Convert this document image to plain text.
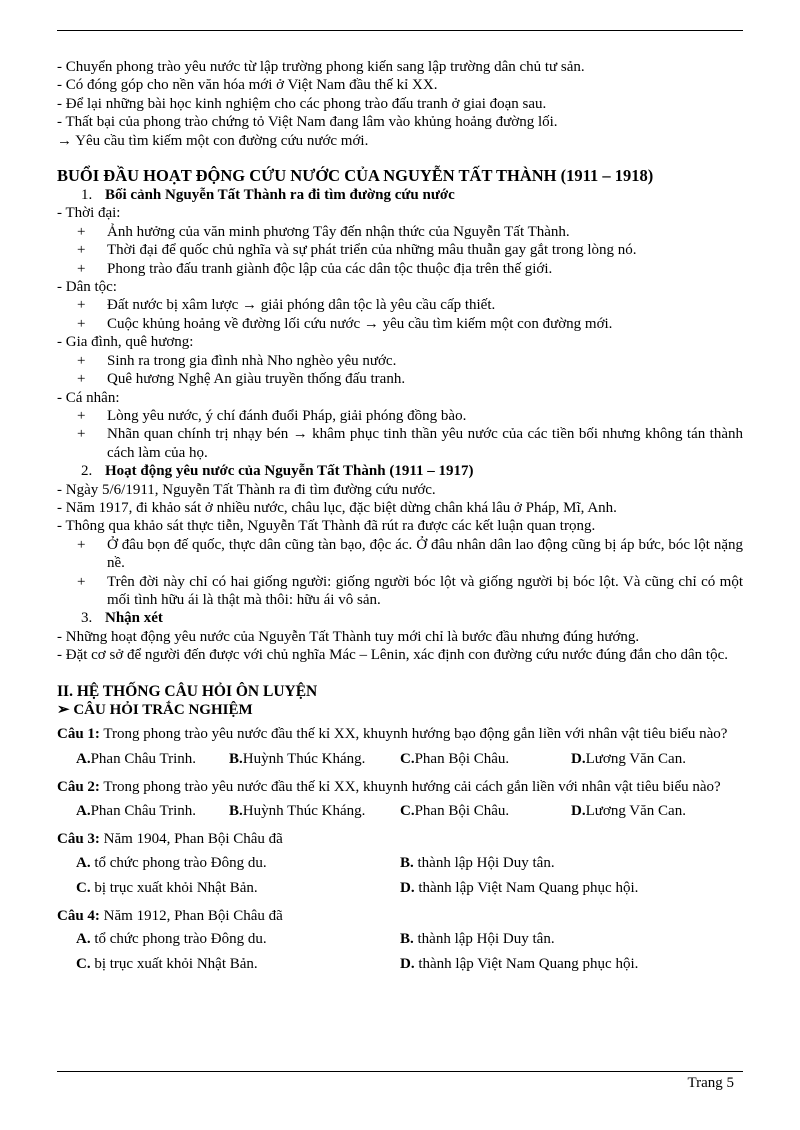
- Chuyển phong trào yêu nước từ lập trường phong kiến sang lập trường dân chủ tư sản.

- Có đóng góp cho nền văn hóa mới ở Việt Nam đầu thế kỉ XX.

- Để lại những bài học kinh nghiệm cho các phong trào đấu tranh ở giai đoạn sau.

- Thất bại của phong trào chứng tỏ Việt Nam đang lâm vào khủng hoảng đường lối.

→ Yêu cầu tìm kiếm một con đường cứu nước mới.

BUỔI ĐẦU HOẠT ĐỘNG CỨU NƯỚC CỦA NGUYỄN TẤT THÀNH (1911 – 1918)

1. Bối cảnh Nguyễn Tất Thành ra đi tìm đường cứu nước

- Thời đại:

+	Ảnh hưởng của văn minh phương Tây đến nhận thức của Nguyễn Tất Thành.
+	Thời đại để quốc chủ nghĩa và sự phát triển của những mâu thuẫn gay gắt trong lòng nó.
+	Phong trào đấu tranh giành độc lập của các dân tộc thuộc địa trên thế giới.

- Dân tộc:

+	Đất nước bị xâm lược → giải phóng dân tộc là yêu cầu cấp thiết.
+	Cuộc khủng hoảng về đường lối cứu nước → yêu cầu tìm kiếm một con đường mới.

- Gia đình, quê hương:

+	Sinh ra trong gia đình nhà Nho nghèo yêu nước.
+	Quê hương Nghệ An giàu truyền thống đấu tranh.

- Cá nhân:

+	Lòng yêu nước, ý chí đánh đuổi Pháp, giải phóng đồng bào.
+	Nhãn quan chính trị nhạy bén → khâm phục tinh thần yêu nước của các tiền bối nhưng không tán thành cách làm của họ.
2. Hoạt động yêu nước của Nguyễn Tất Thành (1911 – 1917)

- Ngày 5/6/1911, Nguyễn Tất Thành ra đi tìm đường cứu nước.

- Năm 1917, đi khảo sát ở nhiều nước, châu lục, đặc biệt dừng chân khá lâu ở Pháp, Mĩ, Anh.

- Thông qua khảo sát thực tiễn, Nguyễn Tất Thành đã rút ra được các kết luận quan trọng.

+	Ở đâu bọn đế quốc, thực dân cũng tàn bạo, độc ác. Ở đâu nhân dân lao động cũng bị áp bức, bóc lột nặng nề.
+	Trên đời này chỉ có hai giống người: giống người bóc lột và giống người bị bóc lột. Và cũng chỉ có một mối tình hữu ái là thật mà thôi: hữu ái vô sản.
3. Nhận xét

- Những hoạt động yêu nước của Nguyễn Tất Thành tuy mới chỉ là bước đầu nhưng đúng hướng.

- Đặt cơ sở để người đến được với chủ nghĩa Mác – Lênin, xác định con đường cứu nước đúng đắn cho dân tộc.

II. HỆ THỐNG CÂU HỎI ÔN LUYỆN

➢ CÂU HỎI TRẮC NGHIỆM

Câu 1: Trong phong trào yêu nước đầu thế kỉ XX, khuynh hướng bạo động gắn liền với nhân vật tiêu biểu nào?

A.Phan Châu Trinh.	B.Huỳnh Thúc Kháng.	C.Phan Bội Châu.	D.Lương Văn Can.

Câu 2: Trong phong trào yêu nước đầu thế kỉ XX, khuynh hướng cải cách gắn liền với nhân vật tiêu biểu nào?

A.Phan Châu Trinh.	B.Huỳnh Thúc Kháng.	C.Phan Bội Châu.	D.Lương Văn Can.

Câu 3: Năm 1904, Phan Bội Châu đã

A. tổ chức phong trào Đông du.	B. thành lập Hội Duy tân.
C. bị trục xuất khỏi Nhật Bản.	D. thành lập Việt Nam Quang phục hội.

Câu 4: Năm 1912, Phan Bội Châu đã

A. tổ chức phong trào Đông du.	B. thành lập Hội Duy tân.
C. bị trục xuất khỏi Nhật Bản.	D. thành lập Việt Nam Quang phục hội.
Trang 5
